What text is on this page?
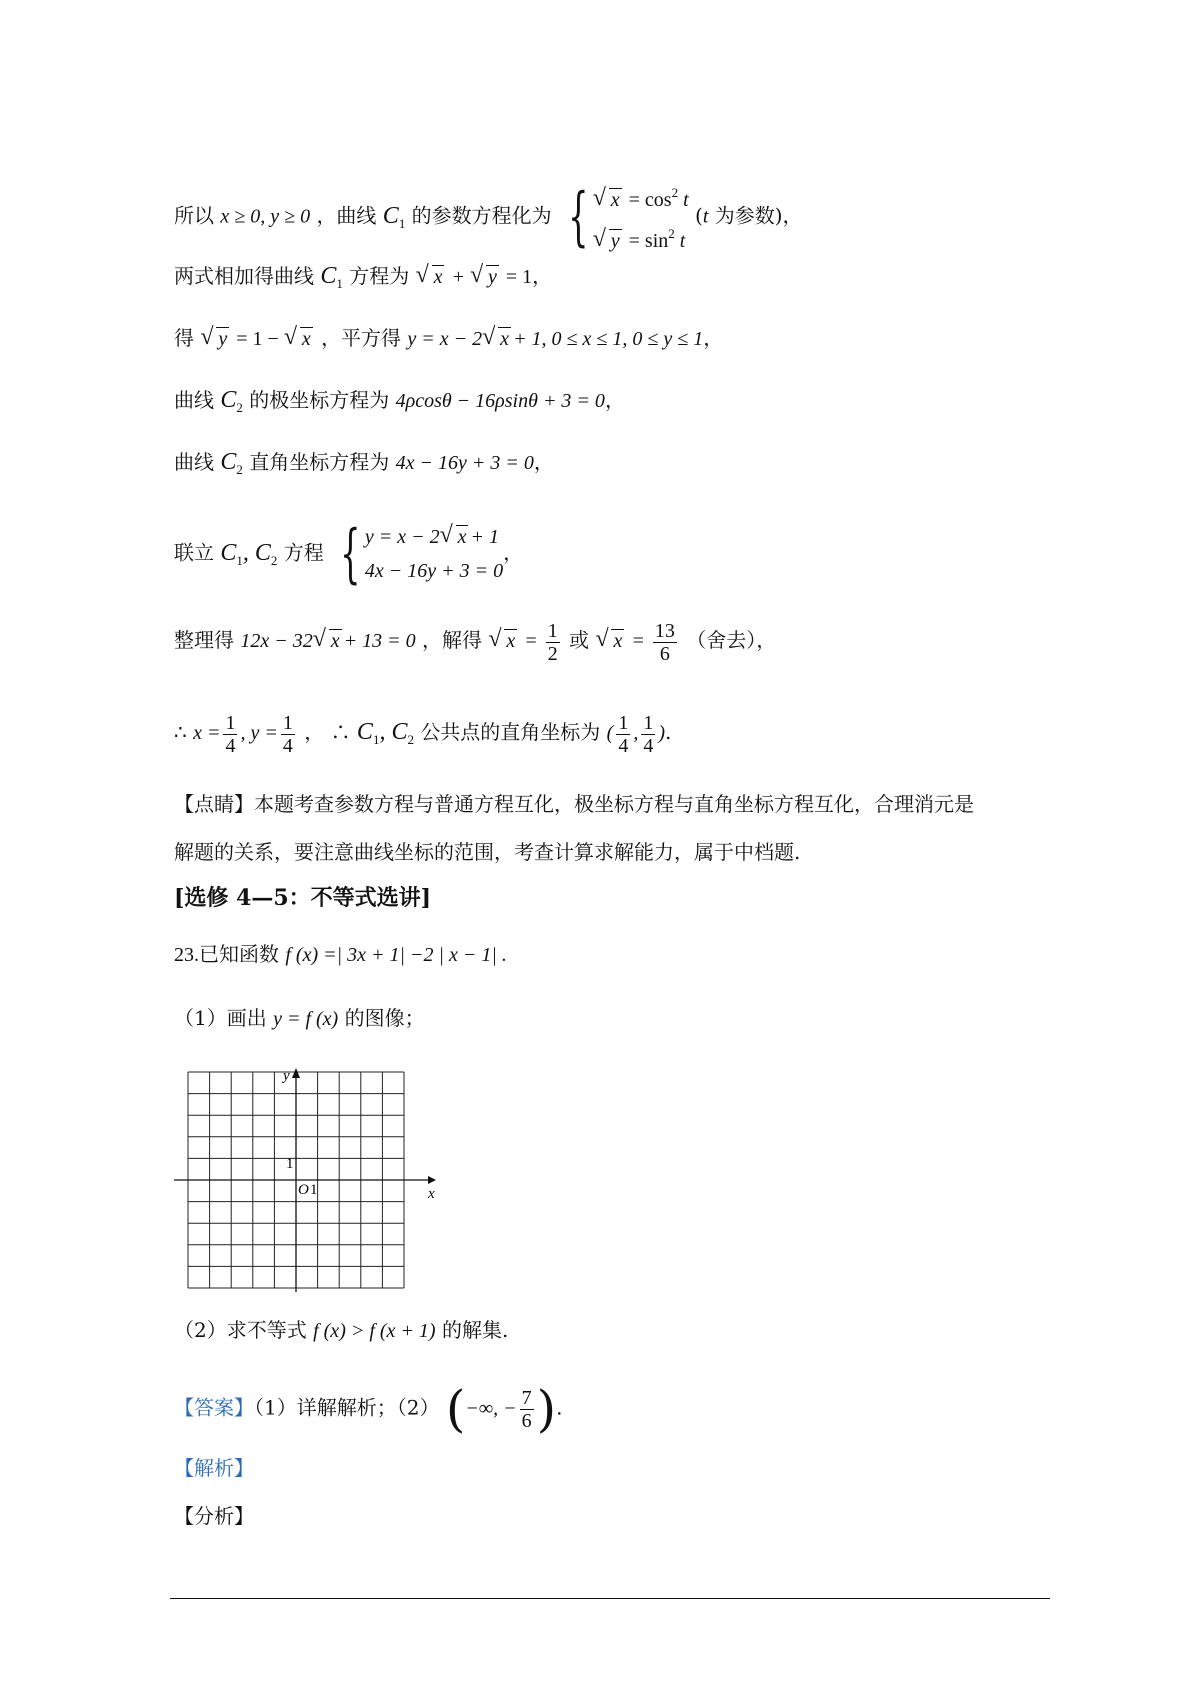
所以 x ≥ 0, y ≥ 0 ，曲线 $C_1$ 的参数方程化为 {	√ $x = \cos^2 t$
√ $y = \sin^2 t$
(t 为参数)，
两式相加得曲线 $C_1$ 方程为 √ x + √ y = 1，
得 √ y = 1 − √ x ，平方得 y = x − 2 √ x + 1, 0 ≤ x ≤ 1, 0 ≤ y ≤ 1，
曲线 $C_2$ 的极坐标方程为 4ρcosθ − 16ρsinθ + 3 = 0，
曲线 $C_2$ 直角坐标方程为 4x − 16y + 3 = 0，
联立 $C_1$, $C_2$ 方程 { y = x − 2 √ x + 1
4x − 16y + 3 = 0
，
整理得 12x − 32 √ x + 13 = 0 ，解得 √ $x = \frac{1}{2}$ 或 √ $x = \frac{13}{6}$ （舍去），
∴ $x = \frac{1}{4}$ , $y = \frac{1}{4}$ ， ∴ $C_1$, $C_2$ 公共点的直角坐标为 ( $\frac{1}{4}$ , $\frac{1}{4}$ ).
【点睛】本题考查参数方程与普通方程互化，极坐标方程与直角坐标方程互化，合理消元是
解题的关系，要注意曲线坐标的范围，考查计算求解能力，属于中档题.
[选修 4—5：不等式选讲]
23.已知函数 f (x) =| 3x + 1| −2 | x − 1| .
（1）画出 y = f (x) 的图像；
y
x
O 1
1
（2）求不等式 f (x) > f (x + 1) 的解集.
【答案】（1）详解解析；（2） (−∞, − $\frac{7}{6}$ ).
【解析】
【分析】
